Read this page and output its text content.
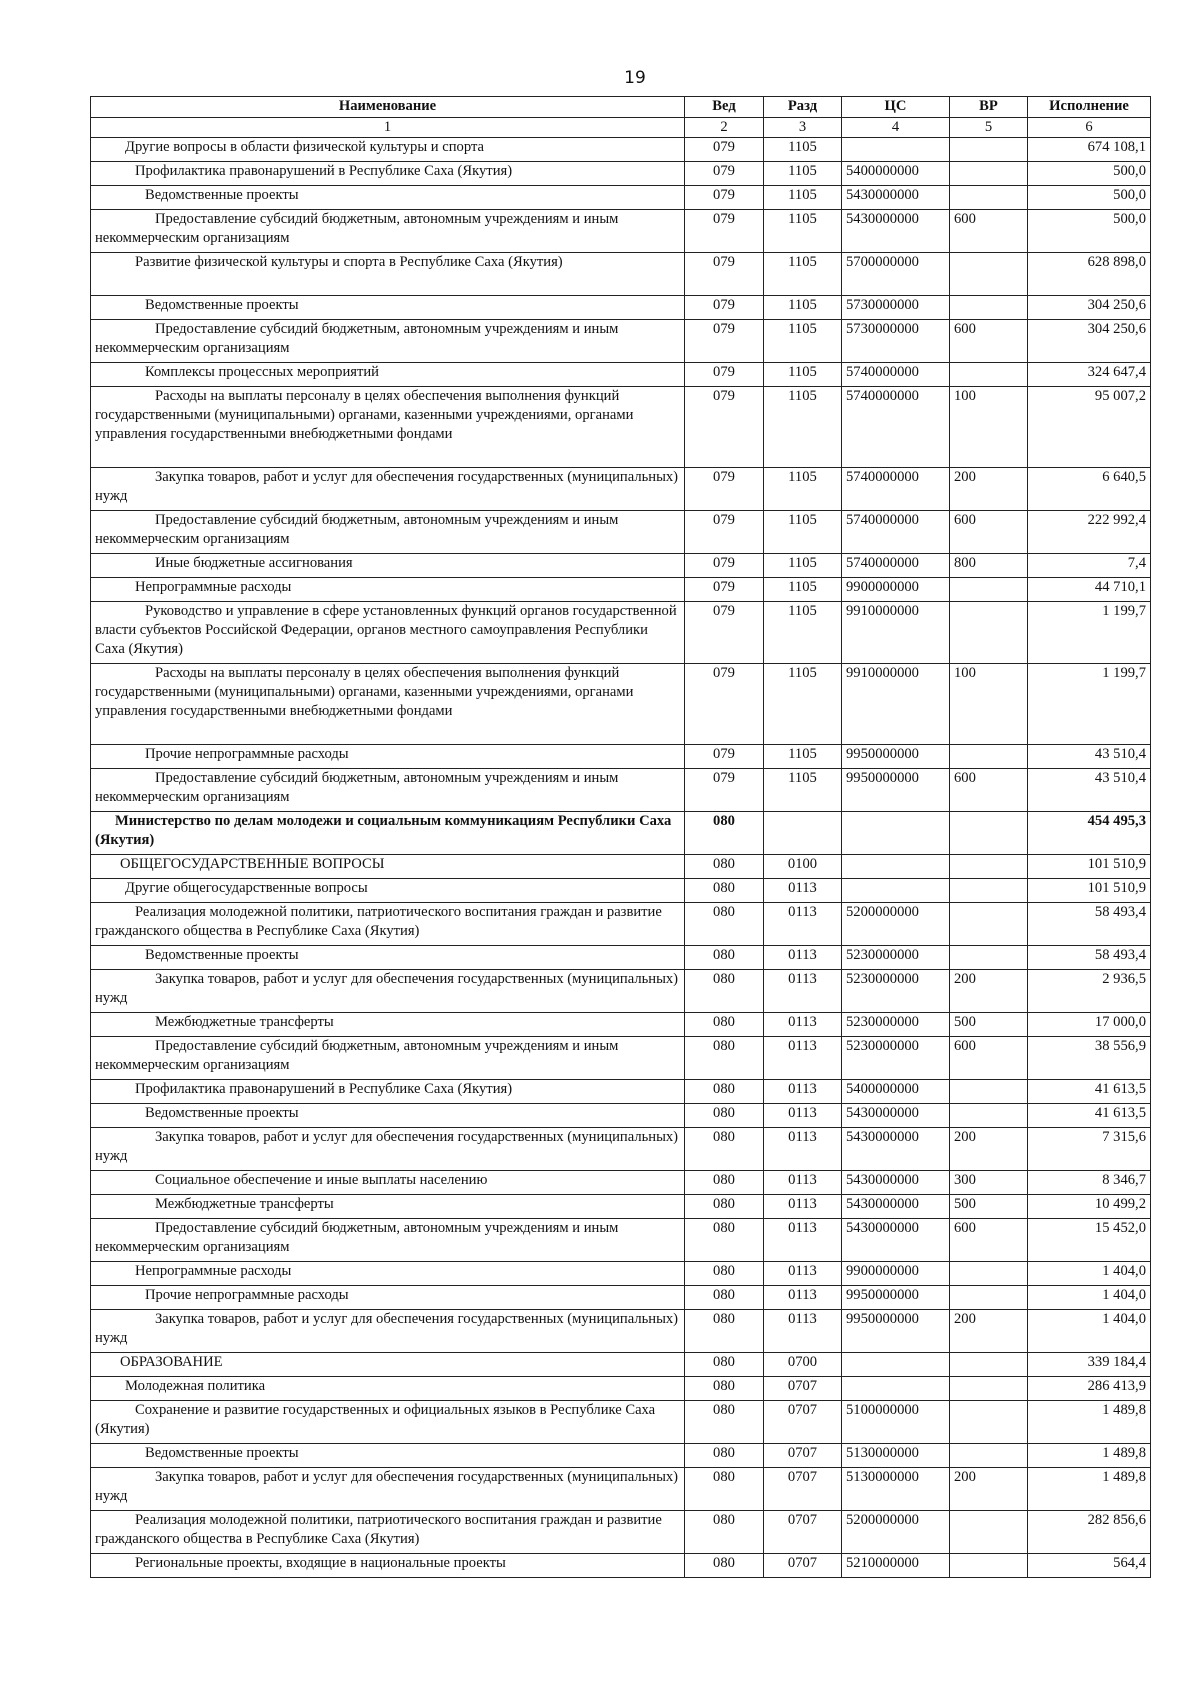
19
Наименование	Вед	Разд	ЦС	ВР	Исполнение
1	2	3	4	5	6
Другие вопросы в области физической культуры и спорта	079	1105			674 108,1
Профилактика правонарушений в Республике Саха (Якутия)	079	1105	5400000000		500,0
Ведомственные проекты	079	1105	5430000000		500,0
Предоставление субсидий бюджетным, автономным учреждениям и иным некоммерческим организациям	079	1105	5430000000	600	500,0
Развитие физической культуры и спорта в Республике Саха (Якутия)	079	1105	5700000000		628 898,0
Ведомственные проекты	079	1105	5730000000		304 250,6
Предоставление субсидий бюджетным, автономным учреждениям и иным некоммерческим организациям	079	1105	5730000000	600	304 250,6
Комплексы процессных мероприятий	079	1105	5740000000		324 647,4
Расходы на выплаты персоналу в целях обеспечения выполнения функций государственными (муниципальными) органами, казенными учреждениями, органами управления государственными внебюджетными фондами	079	1105	5740000000	100	95 007,2
Закупка товаров, работ и услуг для обеспечения государственных (муниципальных) нужд	079	1105	5740000000	200	6 640,5
Предоставление субсидий бюджетным, автономным учреждениям и иным некоммерческим организациям	079	1105	5740000000	600	222 992,4
Иные бюджетные ассигнования	079	1105	5740000000	800	7,4
Непрограммные расходы	079	1105	9900000000		44 710,1
Руководство и управление в сфере установленных функций органов государственной власти субъектов Российской Федерации, органов местного самоуправления Республики Саха (Якутия)	079	1105	9910000000		1 199,7
Расходы на выплаты персоналу в целях обеспечения выполнения функций государственными (муниципальными) органами, казенными учреждениями, органами управления государственными внебюджетными фондами	079	1105	9910000000	100	1 199,7
Прочие непрограммные расходы	079	1105	9950000000		43 510,4
Предоставление субсидий бюджетным, автономным учреждениям и иным некоммерческим организациям	079	1105	9950000000	600	43 510,4
Министерство по делам молодежи и социальным коммуникациям Республики Саха (Якутия)	080				454 495,3
ОБЩЕГОСУДАРСТВЕННЫЕ ВОПРОСЫ	080	0100			101 510,9
Другие общегосударственные вопросы	080	0113			101 510,9
Реализация молодежной политики, патриотического воспитания граждан и развитие гражданского общества в Республике Саха (Якутия)	080	0113	5200000000		58 493,4
Ведомственные проекты	080	0113	5230000000		58 493,4
Закупка товаров, работ и услуг для обеспечения государственных (муниципальных) нужд	080	0113	5230000000	200	2 936,5
Межбюджетные трансферты	080	0113	5230000000	500	17 000,0
Предоставление субсидий бюджетным, автономным учреждениям и иным некоммерческим организациям	080	0113	5230000000	600	38 556,9
Профилактика правонарушений в Республике Саха (Якутия)	080	0113	5400000000		41 613,5
Ведомственные проекты	080	0113	5430000000		41 613,5
Закупка товаров, работ и услуг для обеспечения государственных (муниципальных) нужд	080	0113	5430000000	200	7 315,6
Социальное обеспечение и иные выплаты населению	080	0113	5430000000	300	8 346,7
Межбюджетные трансферты	080	0113	5430000000	500	10 499,2
Предоставление субсидий бюджетным, автономным учреждениям и иным некоммерческим организациям	080	0113	5430000000	600	15 452,0
Непрограммные расходы	080	0113	9900000000		1 404,0
Прочие непрограммные расходы	080	0113	9950000000		1 404,0
Закупка товаров, работ и услуг для обеспечения государственных (муниципальных) нужд	080	0113	9950000000	200	1 404,0
ОБРАЗОВАНИЕ	080	0700			339 184,4
Молодежная политика	080	0707			286 413,9
Сохранение и развитие государственных и официальных языков в Республике Саха (Якутия)	080	0707	5100000000		1 489,8
Ведомственные проекты	080	0707	5130000000		1 489,8
Закупка товаров, работ и услуг для обеспечения государственных (муниципальных) нужд	080	0707	5130000000	200	1 489,8
Реализация молодежной политики, патриотического воспитания граждан и развитие гражданского общества в Республике Саха (Якутия)	080	0707	5200000000		282 856,6
Региональные проекты, входящие в национальные проекты	080	0707	5210000000		564,4
